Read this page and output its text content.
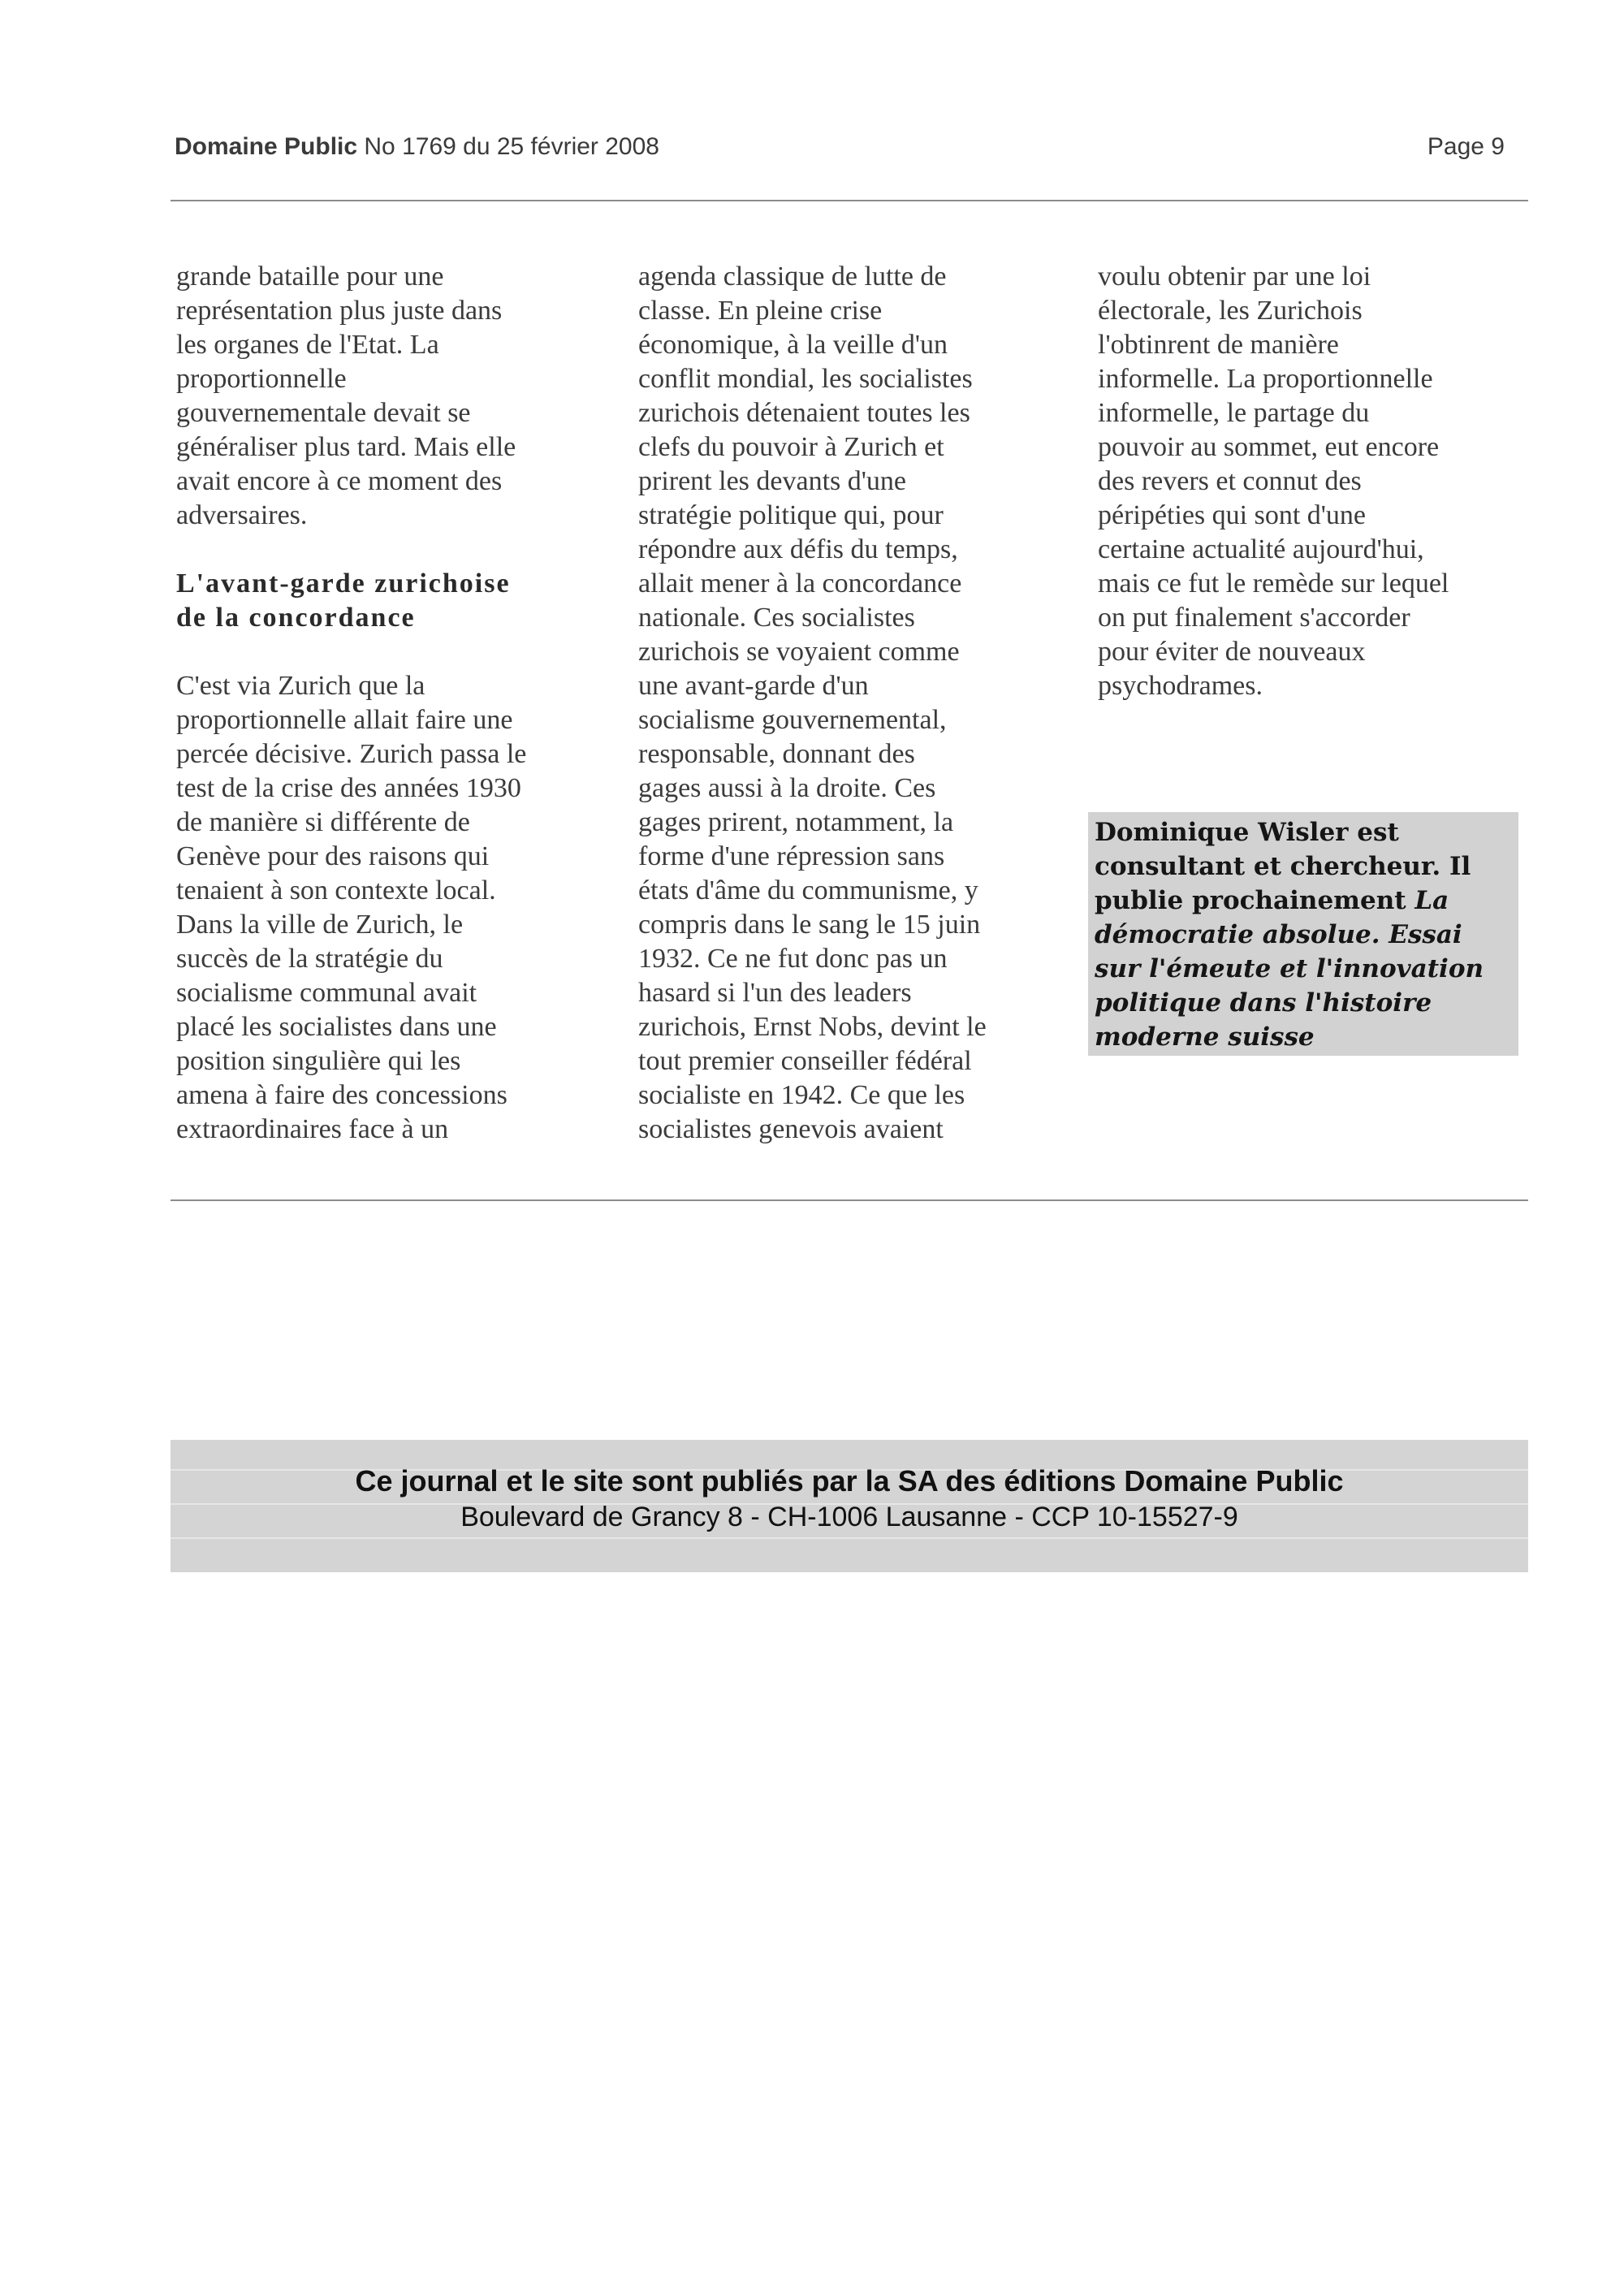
Domaine Public No 1769 du 25 février 2008	Page 9

grande bataille pour une

représentation plus juste dans

les organes de l'Etat. La

proportionnelle

gouvernementale devait se

généraliser plus tard. Mais elle

avait encore à ce moment des

adversaires.

L'avant-garde zurichoise

de la concordance

C'est via Zurich que la

proportionnelle allait faire une

percée décisive. Zurich passa le

test de la crise des années 1930

de manière si différente de

Genève pour des raisons qui

tenaient à son contexte local.

Dans la ville de Zurich, le

succès de la stratégie du

socialisme communal avait

placé les socialistes dans une

position singulière qui les

amena à faire des concessions

extraordinaires face à un

agenda classique de lutte de

classe. En pleine crise

économique, à la veille d'un

conflit mondial, les socialistes

zurichois détenaient toutes les

clefs du pouvoir à Zurich et

prirent les devants d'une

stratégie politique qui, pour

répondre aux défis du temps,

allait mener à la concordance

nationale. Ces socialistes

zurichois se voyaient comme

une avant-garde d'un

socialisme gouvernemental,

responsable, donnant des

gages aussi à la droite. Ces

gages prirent, notamment, la

forme d'une répression sans

états d'âme du communisme, y

compris dans le sang le 15 juin

1932. Ce ne fut donc pas un

hasard si l'un des leaders

zurichois, Ernst Nobs, devint le

tout premier conseiller fédéral

socialiste en 1942. Ce que les

socialistes genevois avaient

voulu obtenir par une loi

électorale, les Zurichois

l'obtinrent de manière

informelle. La proportionnelle

informelle, le partage du

pouvoir au sommet, eut encore

des revers et connut des

péripéties qui sont d'une

certaine actualité aujourd'hui,

mais ce fut le remède sur lequel

on put finalement s'accorder

pour éviter de nouveaux

psychodrames.

Dominique Wisler est

consultant et chercheur. Il

publie prochainement La

démocratie absolue. Essai

sur l'émeute et l'innovation

politique dans l'histoire

moderne suisse

Ce journal et le site sont publiés par la SA des éditions Domaine Public
Boulevard de Grancy 8 - CH-1006 Lausanne - CCP 10-15527-9
